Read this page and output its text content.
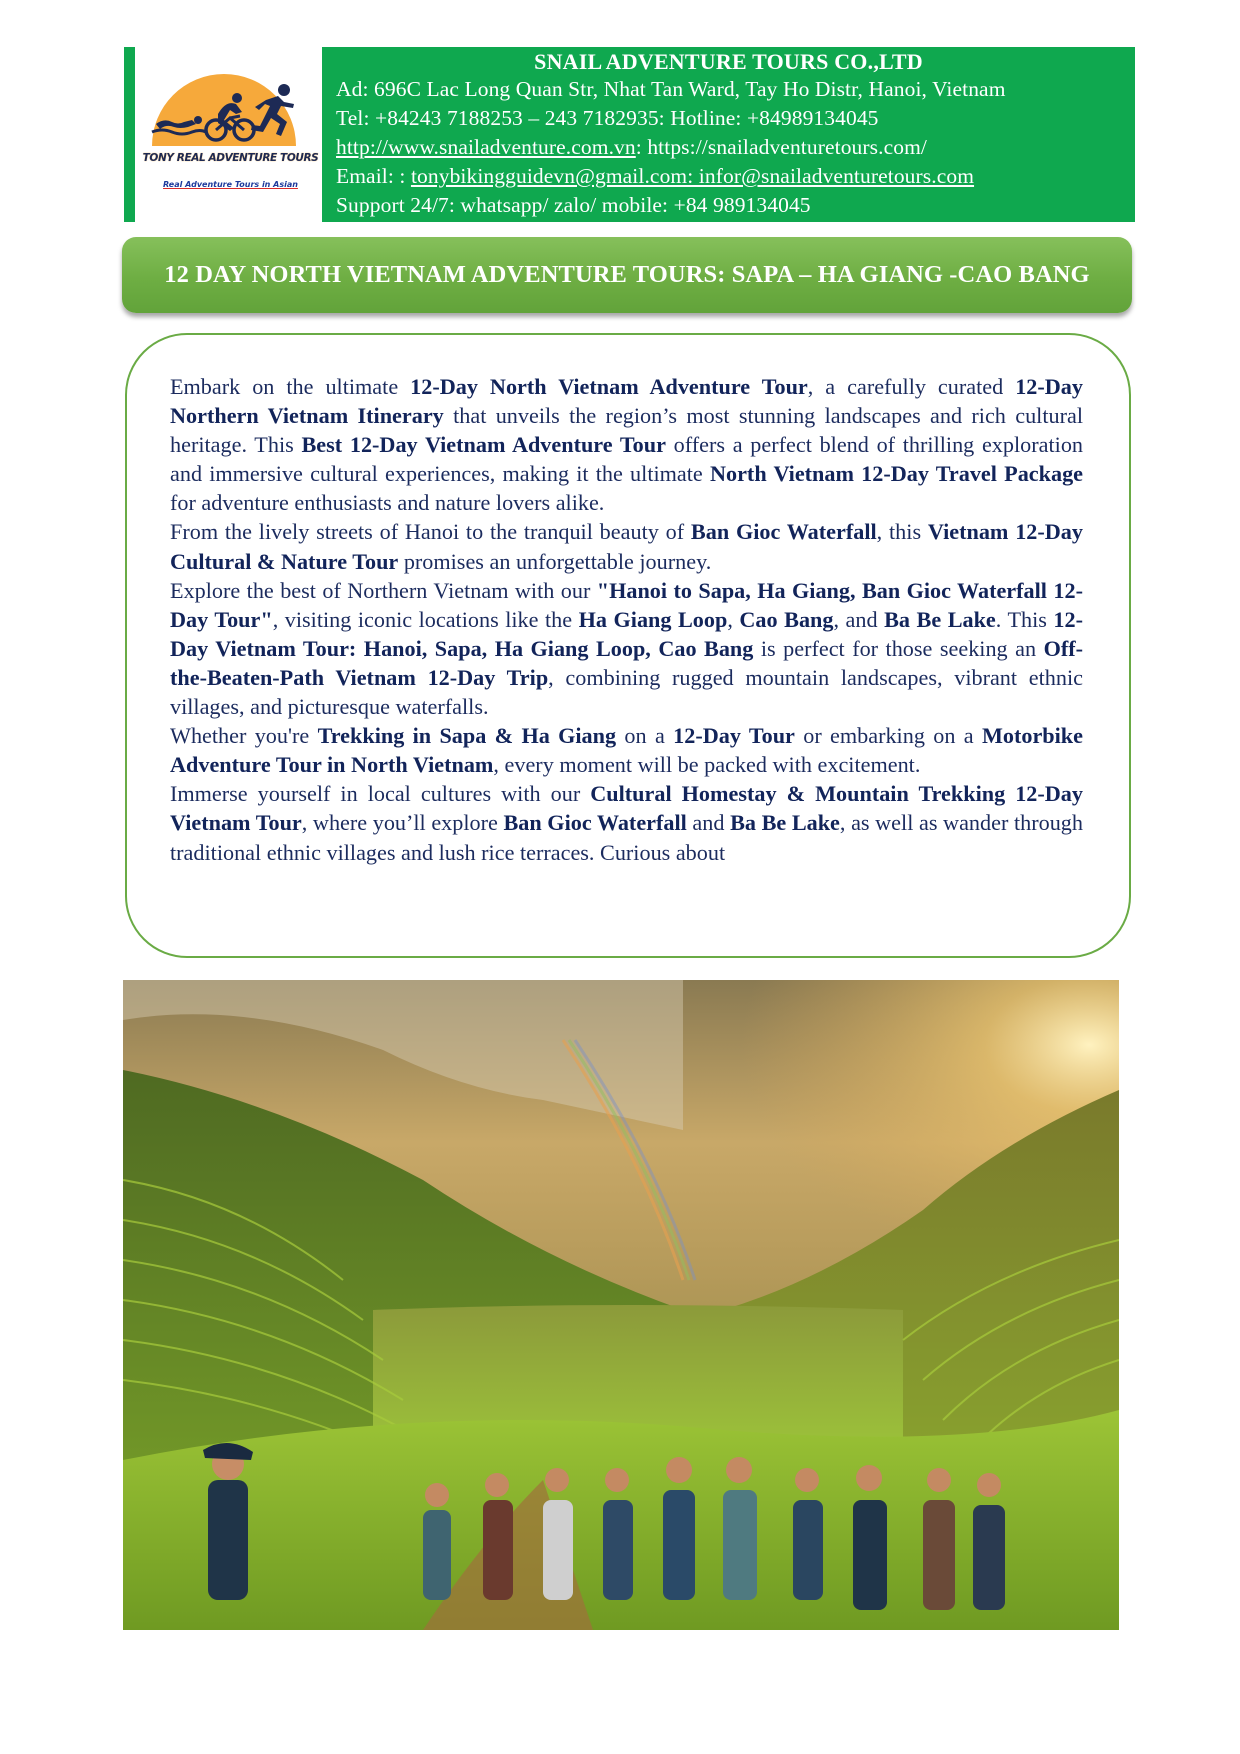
TONY REAL ADVENTURE TOURS
Real Adventure Tours in Asian
SNAIL ADVENTURE TOURS CO.,LTD
Ad: 696C Lac Long Quan Str, Nhat Tan Ward, Tay Ho Distr, Hanoi, Vietnam
Tel: +84243 7188253 – 243 7182935: Hotline: +84989134045
http://www.snailadventure.com.vn: https://snailadventuretours.com/
Email: : tonybikingguidevn@gmail.com: infor@snailadventuretours.com
Support 24/7: whatsapp/ zalo/ mobile: +84 989134045
12 DAY NORTH VIETNAM ADVENTURE TOURS: SAPA – HA GIANG -CAO BANG

Embark on the ultimate 12-Day North Vietnam Adventure Tour, a carefully curated 12-Day Northern Vietnam Itinerary that unveils the region’s most stunning landscapes and rich cultural heritage. This Best 12-Day Vietnam Adventure Tour offers a perfect blend of thrilling exploration and immersive cultural experiences, making it the ultimate North Vietnam 12-Day Travel Package for adventure enthusiasts and nature lovers alike.

From the lively streets of Hanoi to the tranquil beauty of Ban Gioc Waterfall, this Vietnam 12-Day Cultural & Nature Tour promises an unforgettable journey.

Explore the best of Northern Vietnam with our "Hanoi to Sapa, Ha Giang, Ban Gioc Waterfall 12-Day Tour", visiting iconic locations like the Ha Giang Loop, Cao Bang, and Ba Be Lake. This 12-Day Vietnam Tour: Hanoi, Sapa, Ha Giang Loop, Cao Bang is perfect for those seeking an Off-the-Beaten-Path Vietnam 12-Day Trip, combining rugged mountain landscapes, vibrant ethnic villages, and picturesque waterfalls.

Whether you're Trekking in Sapa & Ha Giang on a 12-Day Tour or embarking on a Motorbike Adventure Tour in North Vietnam, every moment will be packed with excitement.

Immerse yourself in local cultures with our Cultural Homestay & Mountain Trekking 12-Day Vietnam Tour, where you’ll explore Ban Gioc Waterfall and Ba Be Lake, as well as wander through traditional ethnic villages and lush rice terraces. Curious about
